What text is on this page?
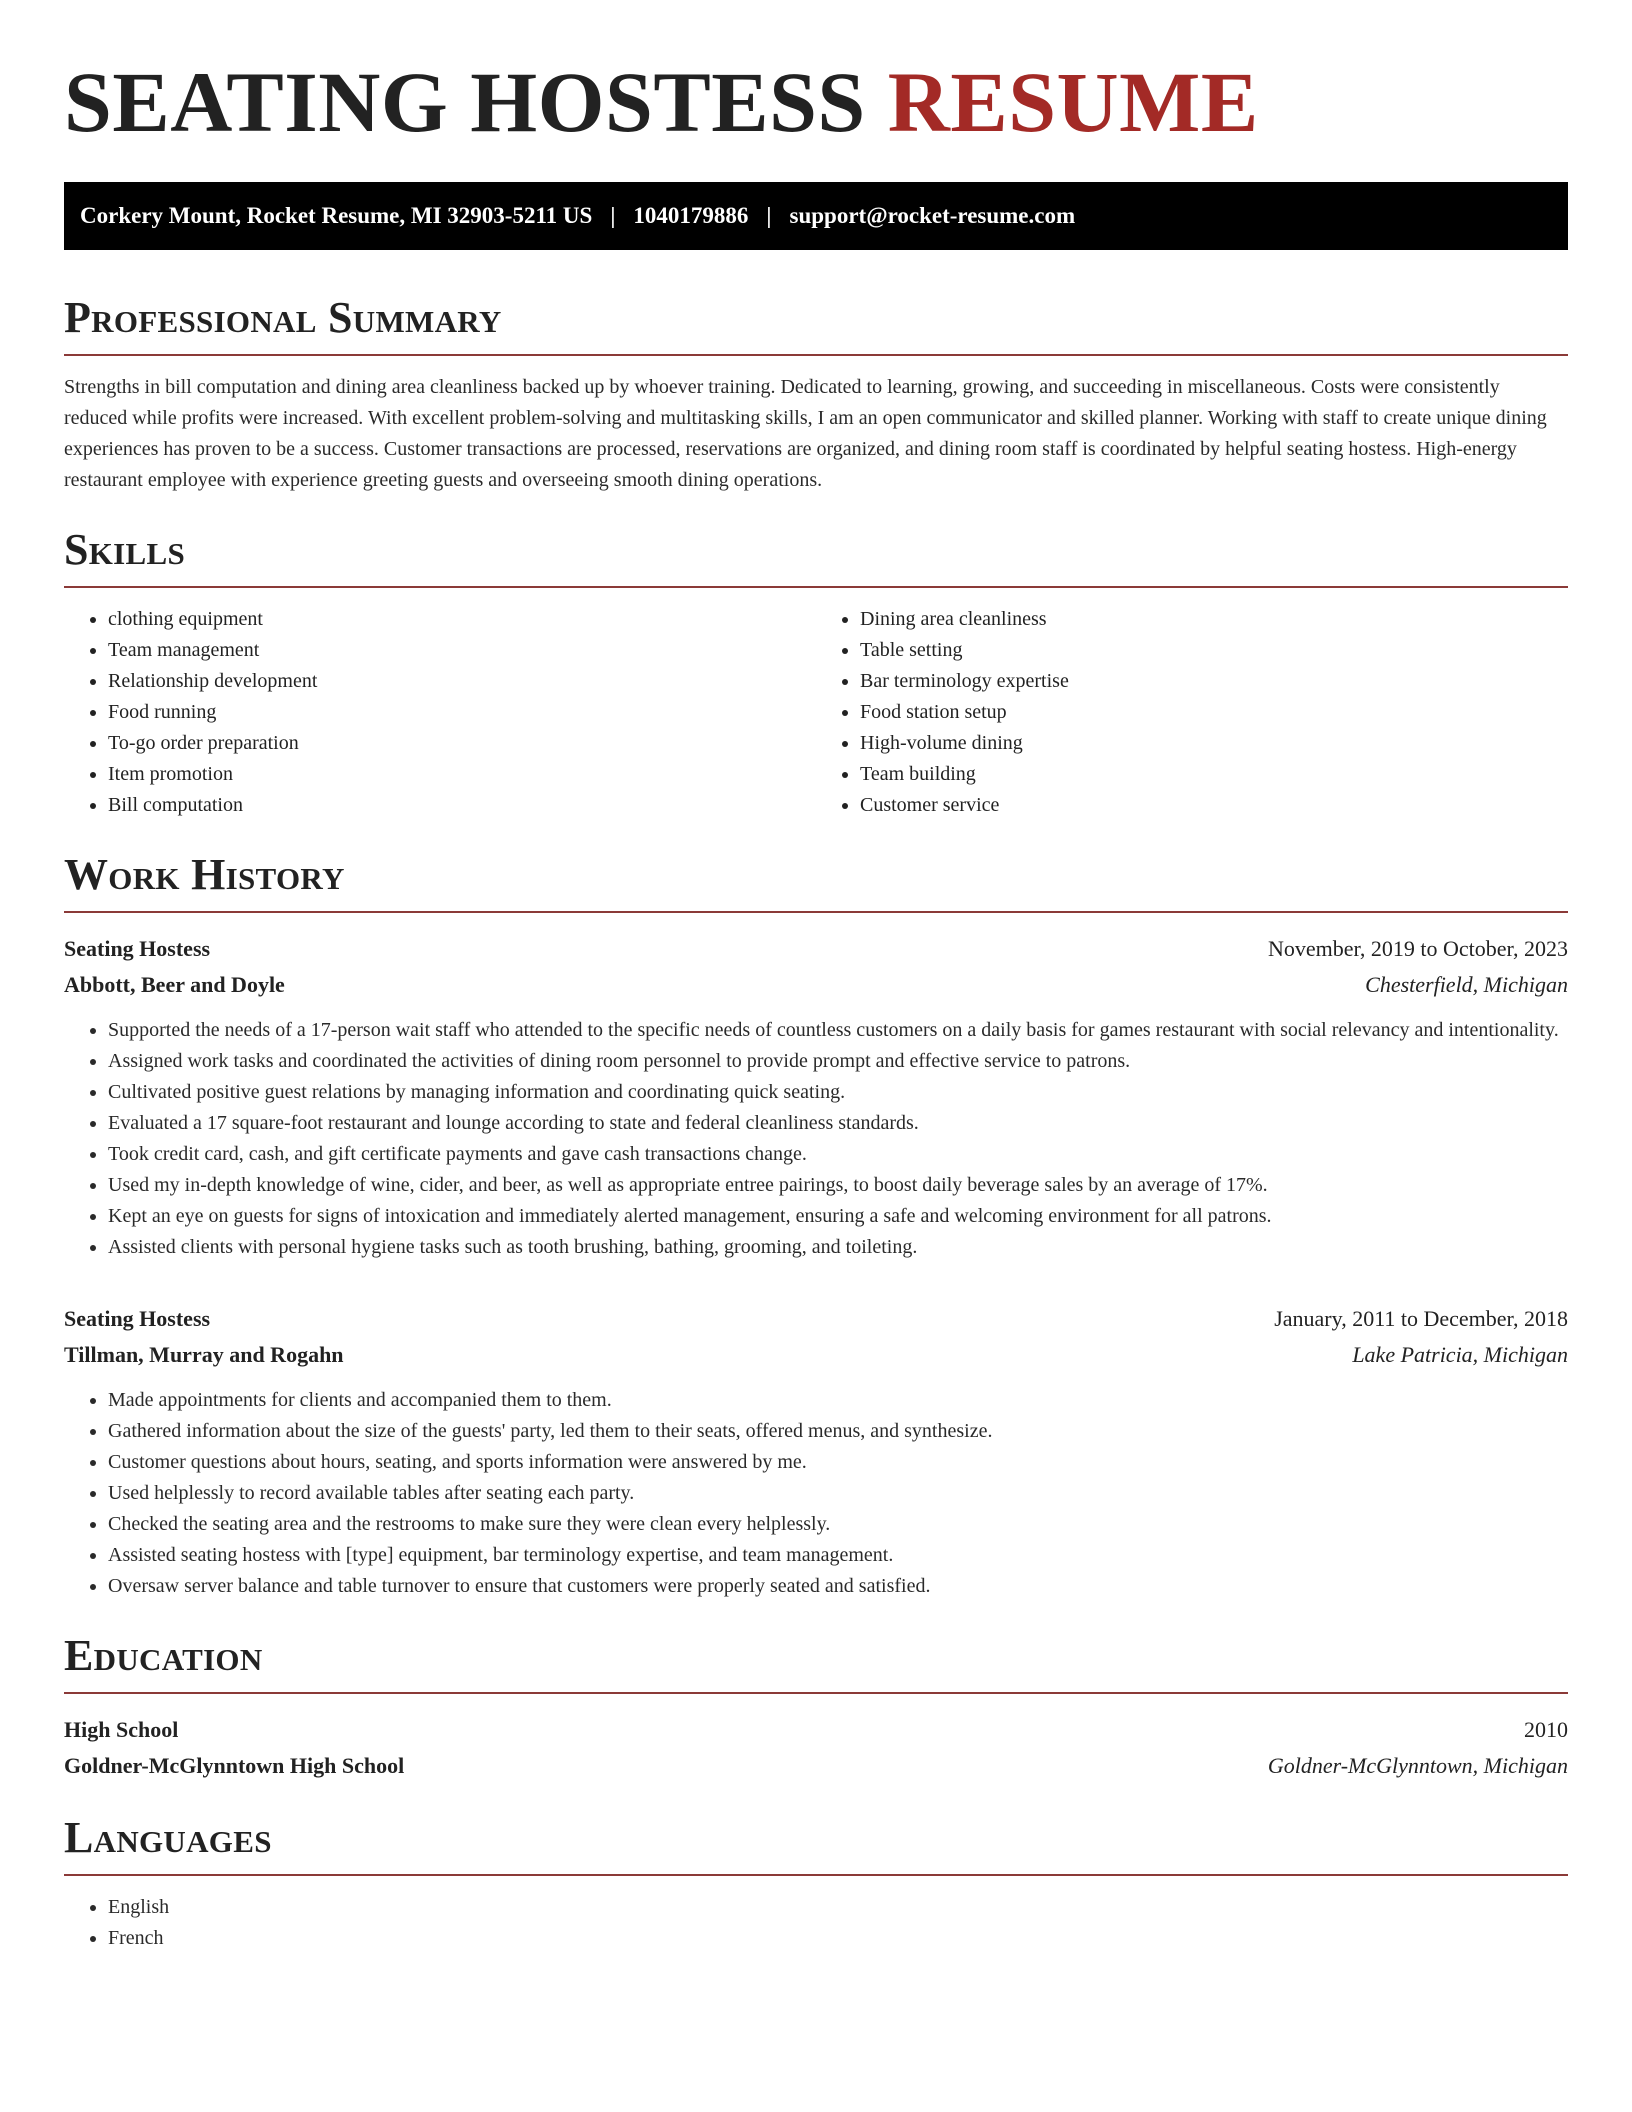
SEATING HOSTESS RESUME
Corkery Mount, Rocket Resume, MI 32903-5211 US | 1040179886 | support@rocket-resume.com
Professional Summary

Strengths in bill computation and dining area cleanliness backed up by whoever training. Dedicated to learning, growing, and succeeding in miscellaneous. Costs were consistently reduced while profits were increased. With excellent problem-solving and multitasking skills, I am an open communicator and skilled planner. Working with staff to create unique dining experiences has proven to be a success. Customer transactions are processed, reservations are organized, and dining room staff is coordinated by helpful seating hostess. High-energy restaurant employee with experience greeting guests and overseeing smooth dining operations.

Skills
• clothing equipment
• Team management
• Relationship development
• Food running
• To-go order preparation
• Item promotion
• Bill computation
• Dining area cleanliness
• Table setting
• Bar terminology expertise
• Food station setup
• High-volume dining
• Team building
• Customer service
Work History
Seating Hostess	November, 2019 to October, 2023
Abbott, Beer and Doyle	Chesterfield, Michigan
• Supported the needs of a 17-person wait staff who attended to the specific needs of countless customers on a daily basis for games restaurant with social relevancy and intentionality.
• Assigned work tasks and coordinated the activities of dining room personnel to provide prompt and effective service to patrons.
• Cultivated positive guest relations by managing information and coordinating quick seating.
• Evaluated a 17 square-foot restaurant and lounge according to state and federal cleanliness standards.
• Took credit card, cash, and gift certificate payments and gave cash transactions change.
• Used my in-depth knowledge of wine, cider, and beer, as well as appropriate entree pairings, to boost daily beverage sales by an average of 17%.
• Kept an eye on guests for signs of intoxication and immediately alerted management, ensuring a safe and welcoming environment for all patrons.
• Assisted clients with personal hygiene tasks such as tooth brushing, bathing, grooming, and toileting.
Seating Hostess	January, 2011 to December, 2018
Tillman, Murray and Rogahn	Lake Patricia, Michigan
• Made appointments for clients and accompanied them to them.
• Gathered information about the size of the guests' party, led them to their seats, offered menus, and synthesize.
• Customer questions about hours, seating, and sports information were answered by me.
• Used helplessly to record available tables after seating each party.
• Checked the seating area and the restrooms to make sure they were clean every helplessly.
• Assisted seating hostess with [type] equipment, bar terminology expertise, and team management.
• Oversaw server balance and table turnover to ensure that customers were properly seated and satisfied.
Education
High School	2010
Goldner-McGlynntown High School	Goldner-McGlynntown, Michigan
Languages
• English
• French
